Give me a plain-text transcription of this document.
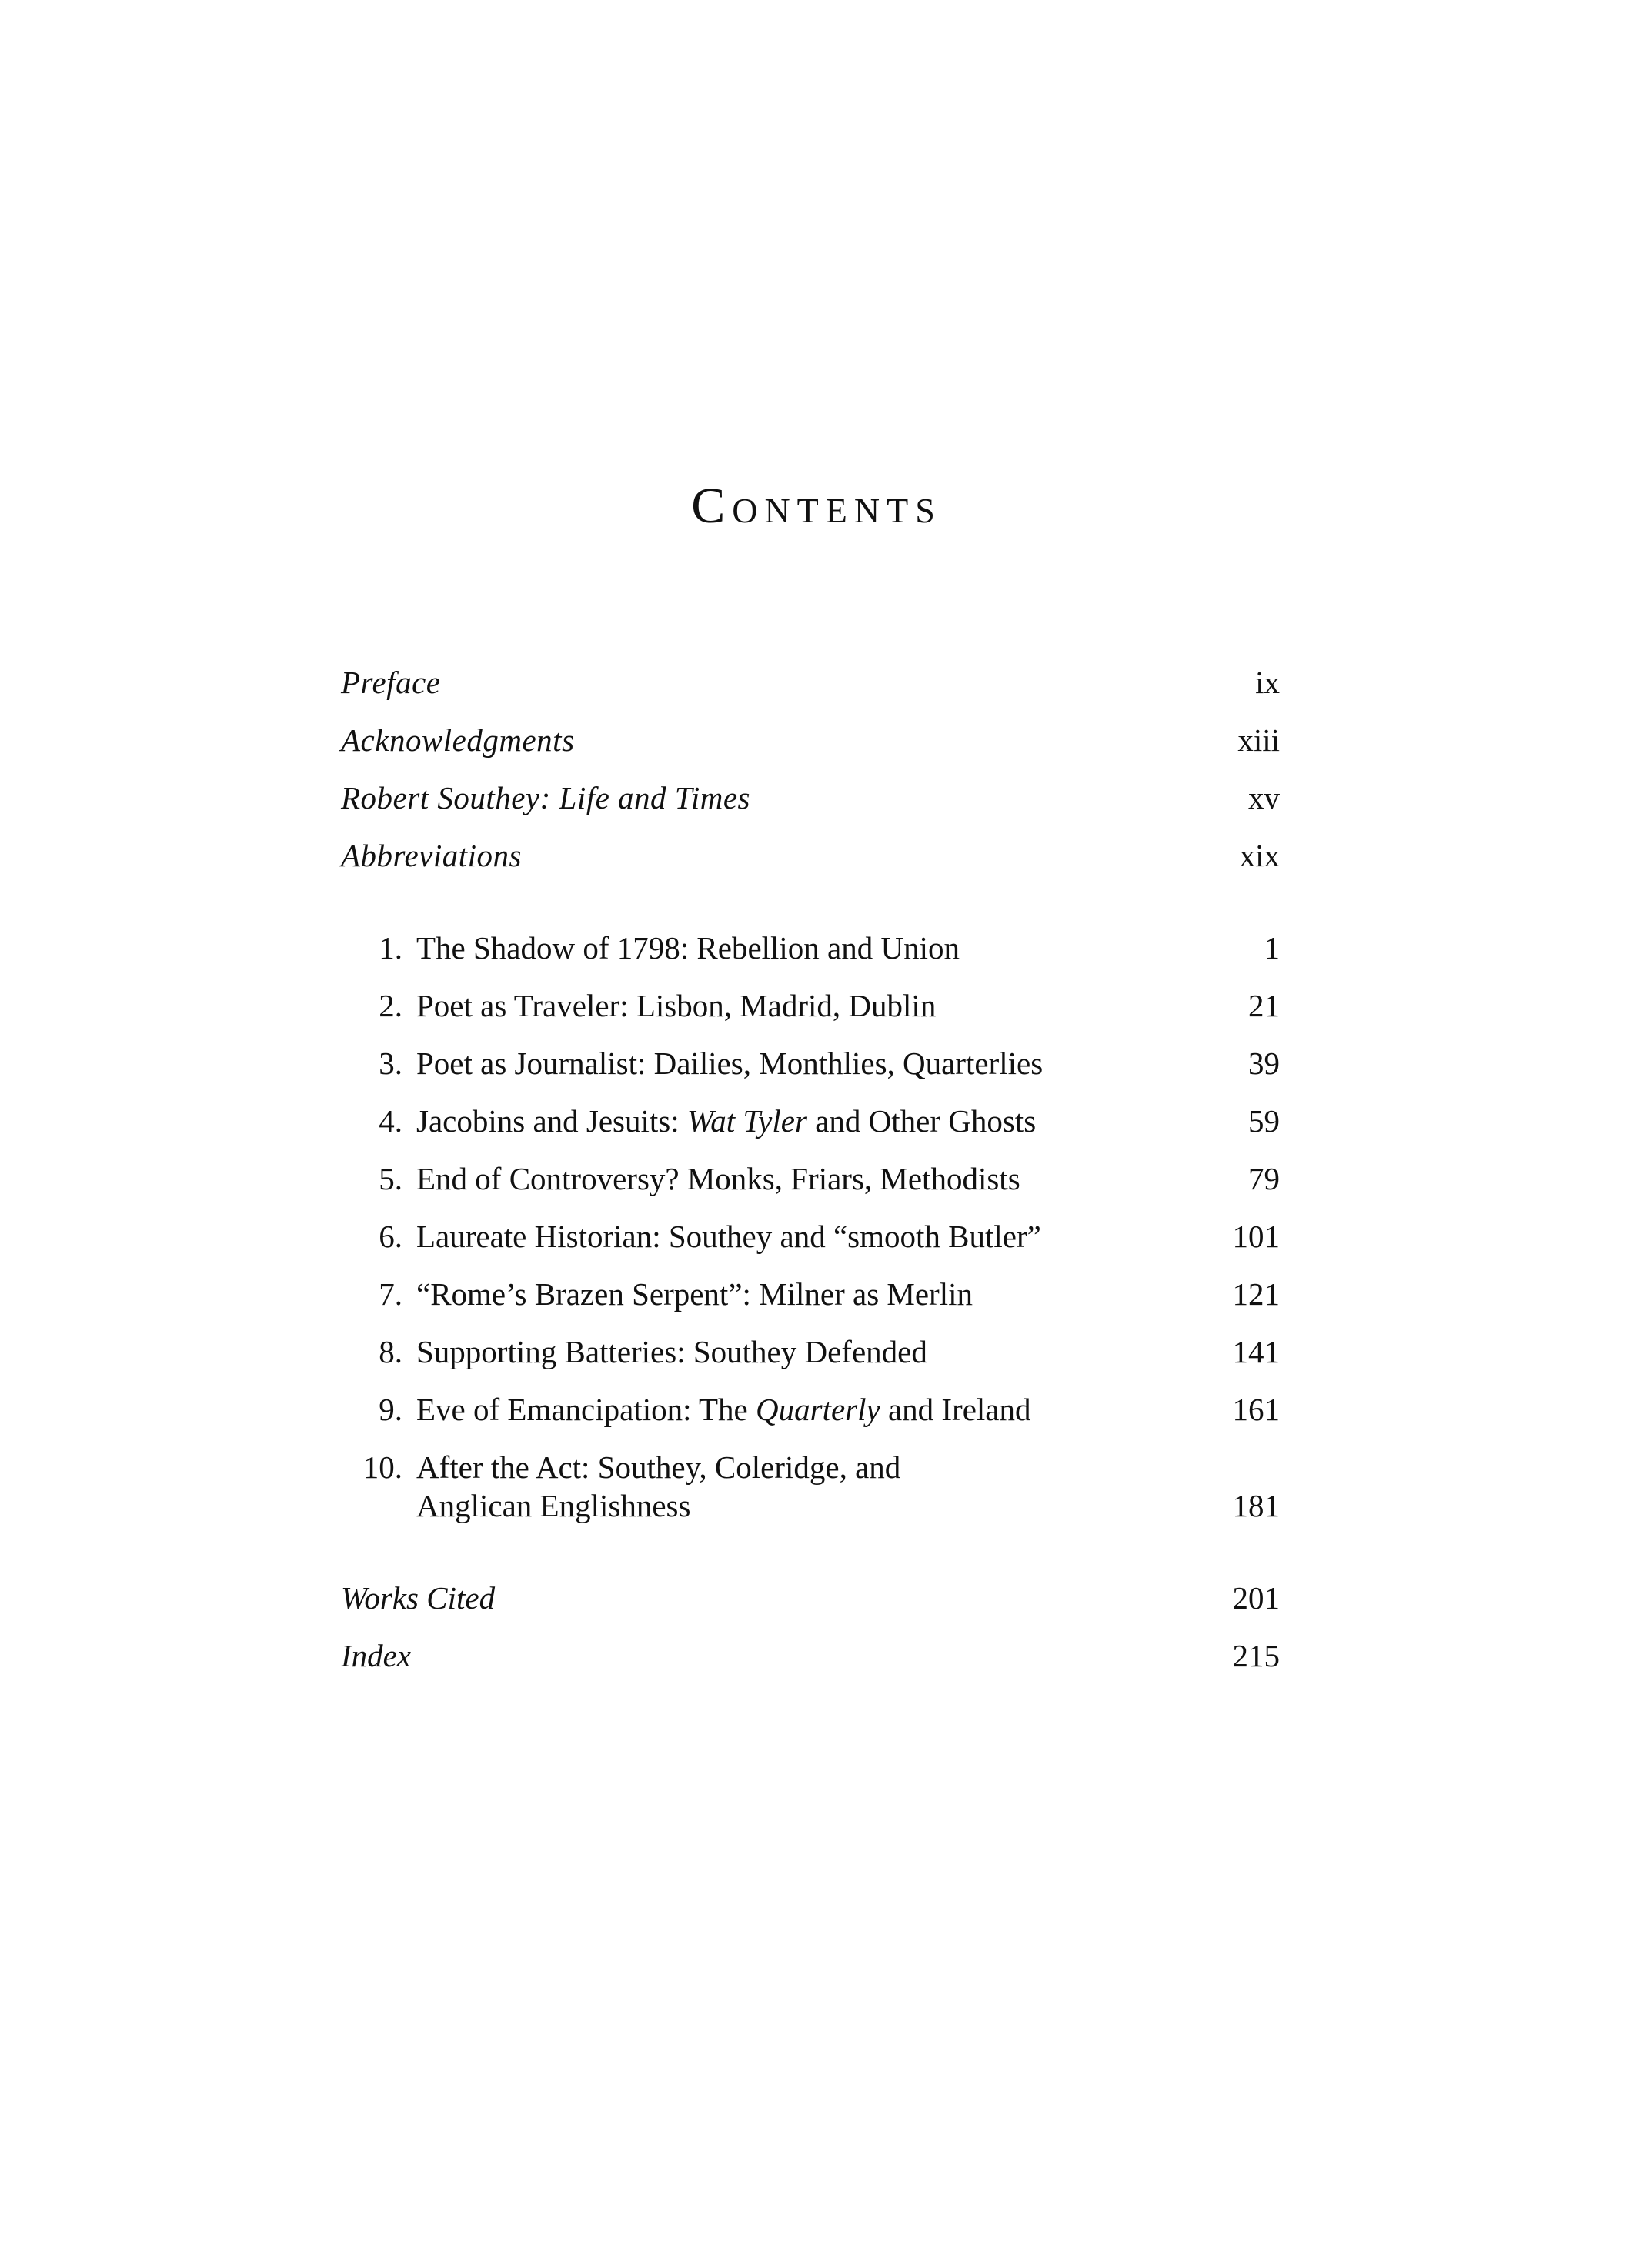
Contents
Preface	ix
Acknowledgments	xiii
Robert Southey: Life and Times	xv
Abbreviations	xix
1. The Shadow of 1798: Rebellion and Union	1
2. Poet as Traveler: Lisbon, Madrid, Dublin	21
3. Poet as Journalist: Dailies, Monthlies, Quarterlies	39
4. Jacobins and Jesuits: Wat Tyler and Other Ghosts	59
5. End of Controversy? Monks, Friars, Methodists	79
6. Laureate Historian: Southey and “smooth Butler”	101
7. “Rome’s Brazen Serpent”: Milner as Merlin	121
8. Supporting Batteries: Southey Defended	141
9. Eve of Emancipation: The Quarterly and Ireland	161
10. After the Act: Southey, Coleridge, and
Anglican Englishness	181
Works Cited	201
Index	215
